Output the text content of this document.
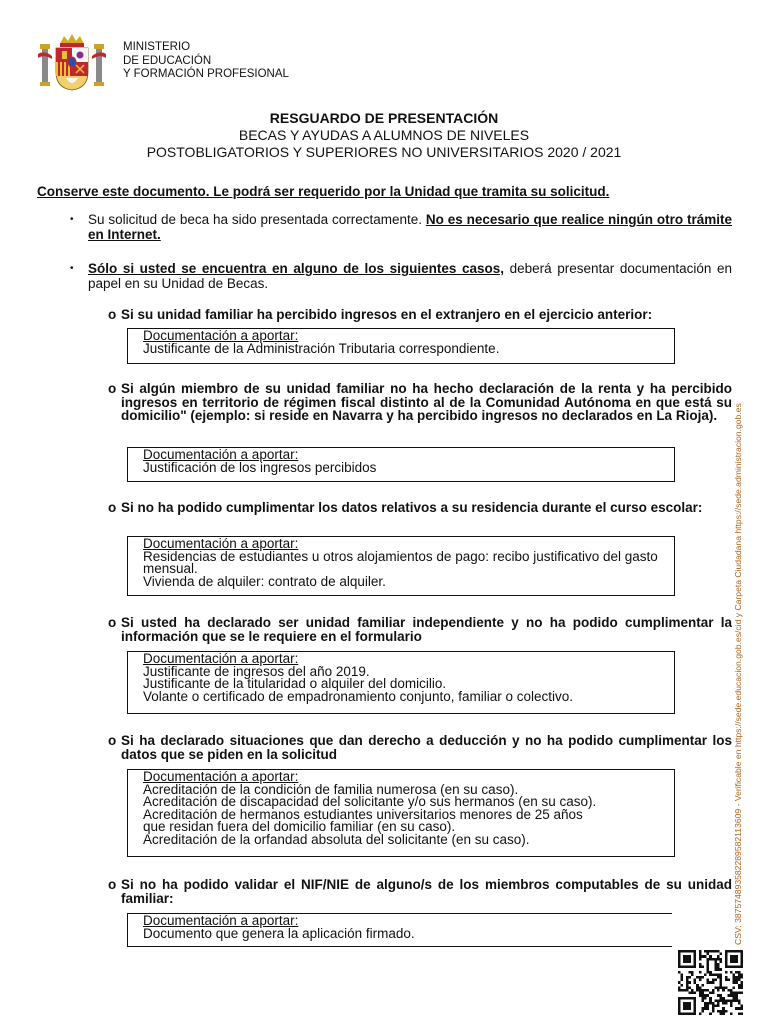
MINISTERIO
DE EDUCACIÓN
Y FORMACIÓN PROFESIONAL
RESGUARDO DE PRESENTACIÓN
BECAS Y AYUDAS A ALUMNOS DE NIVELES
POSTOBLIGATORIOS Y SUPERIORES NO UNIVERSITARIOS 2020 / 2021
Conserve este documento. Le podrá ser requerido por la Unidad que tramita su solicitud.
• Su solicitud de beca ha sido presentada correctamente. No es necesario que realice ningún otro trámite en Internet.
• Sólo si usted se encuentra en alguno de los siguientes casos, deberá presentar documentación en papel en su Unidad de Becas.
o Si su unidad familiar ha percibido ingresos en el extranjero en el ejercicio anterior:
Documentación a aportar:
Justificante de la Administración Tributaria correspondiente.
o Si algún miembro de su unidad familiar no ha hecho declaración de la renta y ha percibido ingresos en territorio de régimen fiscal distinto al de la Comunidad Autónoma en que está su domicilio" (ejemplo: si reside en Navarra y ha percibido ingresos no declarados en La Rioja).
Documentación a aportar:
Justificación de los ingresos percibidos
o Si no ha podido cumplimentar los datos relativos a su residencia durante el curso escolar:
Documentación a aportar:
Residencias de estudiantes u otros alojamientos de pago: recibo justificativo del gasto mensual.
Vivienda de alquiler: contrato de alquiler.
o Si usted ha declarado ser unidad familiar independiente y no ha podido cumplimentar la información que se le requiere en el formulario
Documentación a aportar:
Justificante de ingresos del año 2019.
Justificante de la titularidad o alquiler del domicilio.
Volante o certificado de empadronamiento conjunto, familiar o colectivo.
o Si ha declarado situaciones que dan derecho a deducción y no ha podido cumplimentar los datos que se piden en la solicitud
Documentación a aportar:
Acreditación de la condición de familia numerosa (en su caso).
Acreditación de discapacidad del solicitante y/o sus hermanos (en su caso).
Acreditación de hermanos estudiantes universitarios menores de 25 años que residan fuera del domicilio familiar (en su caso).
Acreditación de la orfandad absoluta del solicitante (en su caso).
o Si no ha podido validar el NIF/NIE de alguno/s de los miembros computables de su unidad familiar:
Documentación a aportar:
Documento que genera la aplicación firmado.	CSV: 3875748935822895821136​09 - Verificable en https://sede.educacion.gob.es/cid y Carpeta Ciudadana https://sede.administracion.gob.es
